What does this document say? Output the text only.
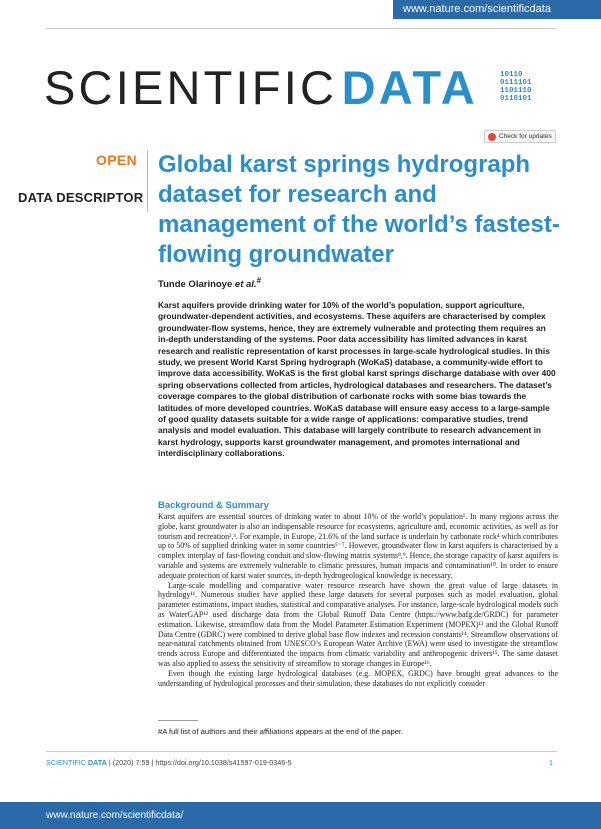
www.nature.com/scientificdata
SCIENTIFIC DATA	10110
0111101
1101110
0110101
Check for updates
OPEN
DATA DESCRIPTOR
Global karst springs hydrograph dataset for research and management of the world’s fastest-flowing groundwater
Tunde Olarinoye et al.#

Karst aquifers provide drinking water for 10% of the world’s population, support agriculture, groundwater-dependent activities, and ecosystems. These aquifers are characterised by complex groundwater-flow systems, hence, they are extremely vulnerable and protecting them requires an in-depth understanding of the systems. Poor data accessibility has limited advances in karst research and realistic representation of karst processes in large-scale hydrological studies. In this study, we present World Karst Spring hydrograph (WoKaS) database, a community-wide effort to improve data accessibility. WoKaS is the first global karst springs discharge database with over 400 spring observations collected from articles, hydrological databases and researchers. The dataset’s coverage compares to the global distribution of carbonate rocks with some bias towards the latitudes of more developed countries. WoKaS database will ensure easy access to a large-sample of good quality datasets suitable for a wide range of applications: comparative studies, trend analysis and model evaluation. This database will largely contribute to research advancement in karst hydrology, supports karst groundwater management, and promotes international and interdisciplinary collaborations.

Background & Summary

Karst aquifers are essential sources of drinking water to about 10% of the world’s population¹. In many regions across the globe, karst groundwater is also an indispensable resource for ecosystems, agriculture and, economic activities, as well as for tourism and recreation²,³. For example, in Europe, 21.6% of the land surface is underlain by carbonate rock⁴ which contributes up to 50% of supplied drinking water in some countries⁵⁻⁷. However, groundwater flow in karst aquifers is characterised by a complex interplay of fast-flowing conduit and slow-flowing matrix systems⁸,⁹. Hence, the storage capacity of karst aquifers is variable and systems are extremely vulnerable to climatic pressures, human impacts and contamination¹⁰. In order to ensure adequate protection of karst water sources, in-depth hydrogeological knowledge is necessary.

Large-scale modelling and comparative water resource research have shown the great value of large datasets in hydrology¹¹. Numerous studies have applied these large datasets for several purposes such as model evaluation, global parameter estimations, impact studies, statistical and comparative analyses. For instance, large-scale hydrological models such as WaterGAP¹² used discharge data from the Global Runoff Data Centre (https://www.bafg.de/GRDC) for parameter estimation. Likewise, streamflow data from the Model Parameter Estimation Experiment (MOPEX)¹³ and the Global Runoff Data Centre (GDRC) were combined to derive global base flow indexes and recession constants¹⁴. Streamflow observations of near-natural catchments obtained from UNESCO’s European Water Archive (EWA) were used to investigate the streamflow trends across Europe and differentiated the impacts from climatic variability and anthropogenic drivers¹⁵. The same dataset was also applied to assess the sensitivity of streamflow to storage changes in Europe¹⁶.

Even though the existing large hydrological databases (e.g. MOPEX, GRDC) have brought great advances to the understanding of hydrological processes and their simulation, these databases do not explicitly consider

#A full list of authors and their affiliations appears at the end of the paper.
SCIENTIFIC DATA | (2020) 7:59 | https://doi.org/10.1038/s41597-019-0346-5	1
www.nature.com/scientificdata/
